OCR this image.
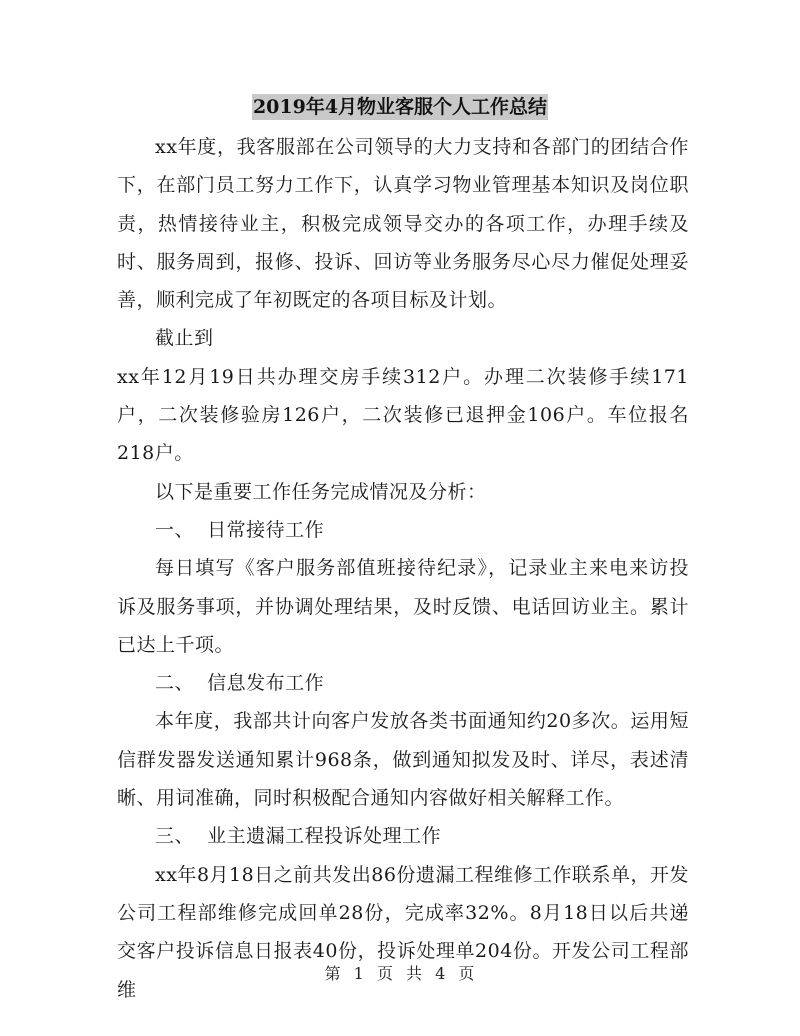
2019年4月物业客服个人工作总结

xx年度，我客服部在公司领导的大力支持和各部门的团结合作下，在部门员工努力工作下，认真学习物业管理基本知识及岗位职责，热情接待业主，积极完成领导交办的各项工作，办理手续及时、服务周到，报修、投诉、回访等业务服务尽心尽力催促处理妥善，顺利完成了年初既定的各项目标及计划。

截止到

xx年12月19日共办理交房手续312户。办理二次装修手续171户，二次装修验房126户，二次装修已退押金106户。车位报名218户。

以下是重要工作任务完成情况及分析：

一、  日常接待工作

每日填写《客户服务部值班接待纪录》，记录业主来电来访投诉及服务事项，并协调处理结果，及时反馈、电话回访业主。累计已达上千项。

二、  信息发布工作

本年度，我部共计向客户发放各类书面通知约20多次。运用短信群发器发送通知累计968条，做到通知拟发及时、详尽，表述清晰、用词准确，同时积极配合通知内容做好相关解释工作。

三、  业主遗漏工程投诉处理工作

xx年8月18日之前共发出86份遗漏工程维修工作联系单，开发公司工程部维修完成回单28份，完成率32%。8月18日以后共递交客户投诉信息日报表40份，投诉处理单204份。开发公司工程部维

第 1 页 共 4 页
